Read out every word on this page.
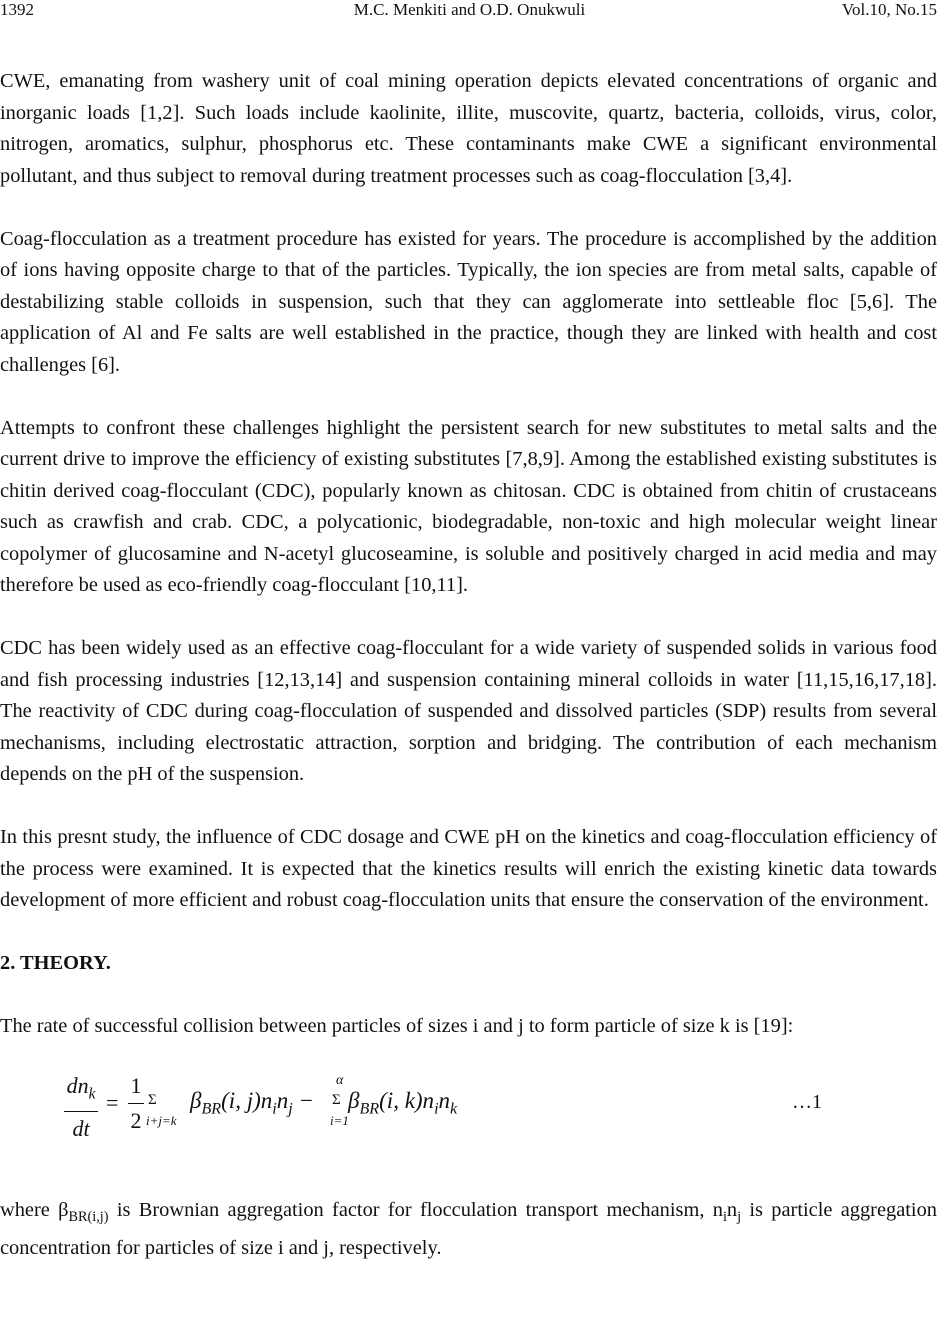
1392	M.C. Menkiti and O.D. Onukwuli	Vol.10, No.15

CWE, emanating from washery unit of coal mining operation depicts elevated concentrations of organic and inorganic loads [1,2]. Such loads include kaolinite, illite, muscovite, quartz, bacteria, colloids, virus, color, nitrogen, aromatics, sulphur, phosphorus etc. These contaminants make CWE a significant environmental pollutant, and thus subject to removal during treatment processes such as coag-flocculation [3,4].

Coag-flocculation as a treatment procedure has existed for years. The procedure is accomplished by the addition of ions having opposite charge to that of the particles. Typically, the ion species are from metal salts, capable of destabilizing stable colloids in suspension, such that they can agglomerate into settleable floc [5,6]. The application of Al and Fe salts are well established in the practice, though they are linked with health and cost challenges [6].

Attempts to confront these challenges highlight the persistent search for new substitutes to metal salts and the current drive to improve the efficiency of existing substitutes [7,8,9]. Among the established existing substitutes is chitin derived coag-flocculant (CDC), popularly known as chitosan. CDC is obtained from chitin of crustaceans such as crawfish and crab. CDC, a polycationic, biodegradable, non-toxic and high molecular weight linear copolymer of glucosamine and N-acetyl glucoseamine, is soluble and positively charged in acid media and may therefore be used as eco-friendly coag-flocculant [10,11].

CDC has been widely used as an effective coag-flocculant for a wide variety of suspended solids in various food and fish processing industries [12,13,14] and suspension containing mineral colloids in water [11,15,16,17,18]. The reactivity of CDC during coag-flocculation of suspended and dissolved particles (SDP) results from several mechanisms, including electrostatic attraction, sorption and bridging. The contribution of each mechanism depends on the pH of the suspension.

In this presnt study, the influence of CDC dosage and CWE pH on the kinetics and coag-flocculation efficiency of the process were examined. It is expected that the kinetics results will enrich the existing kinetic data towards development of more efficient and robust coag-flocculation units that ensure the conservation of the environment.

2. THEORY.

The rate of successful collision between particles of sizes i and j to form particle of size k is [19]:

$dn_k$
dt
=
1
2
Σ
i+j=k
$\beta_{BR}(i$, $j)n_in_j$ −
α
Σ
i=1
$\beta_{BR}(i$, $k)n_in_k$	…1

where $\beta_{BR(i,j)}$ is Brownian aggregation factor for flocculation transport mechanism, $n_in_j$ is particle aggregation concentration for particles of size i and j, respectively.
